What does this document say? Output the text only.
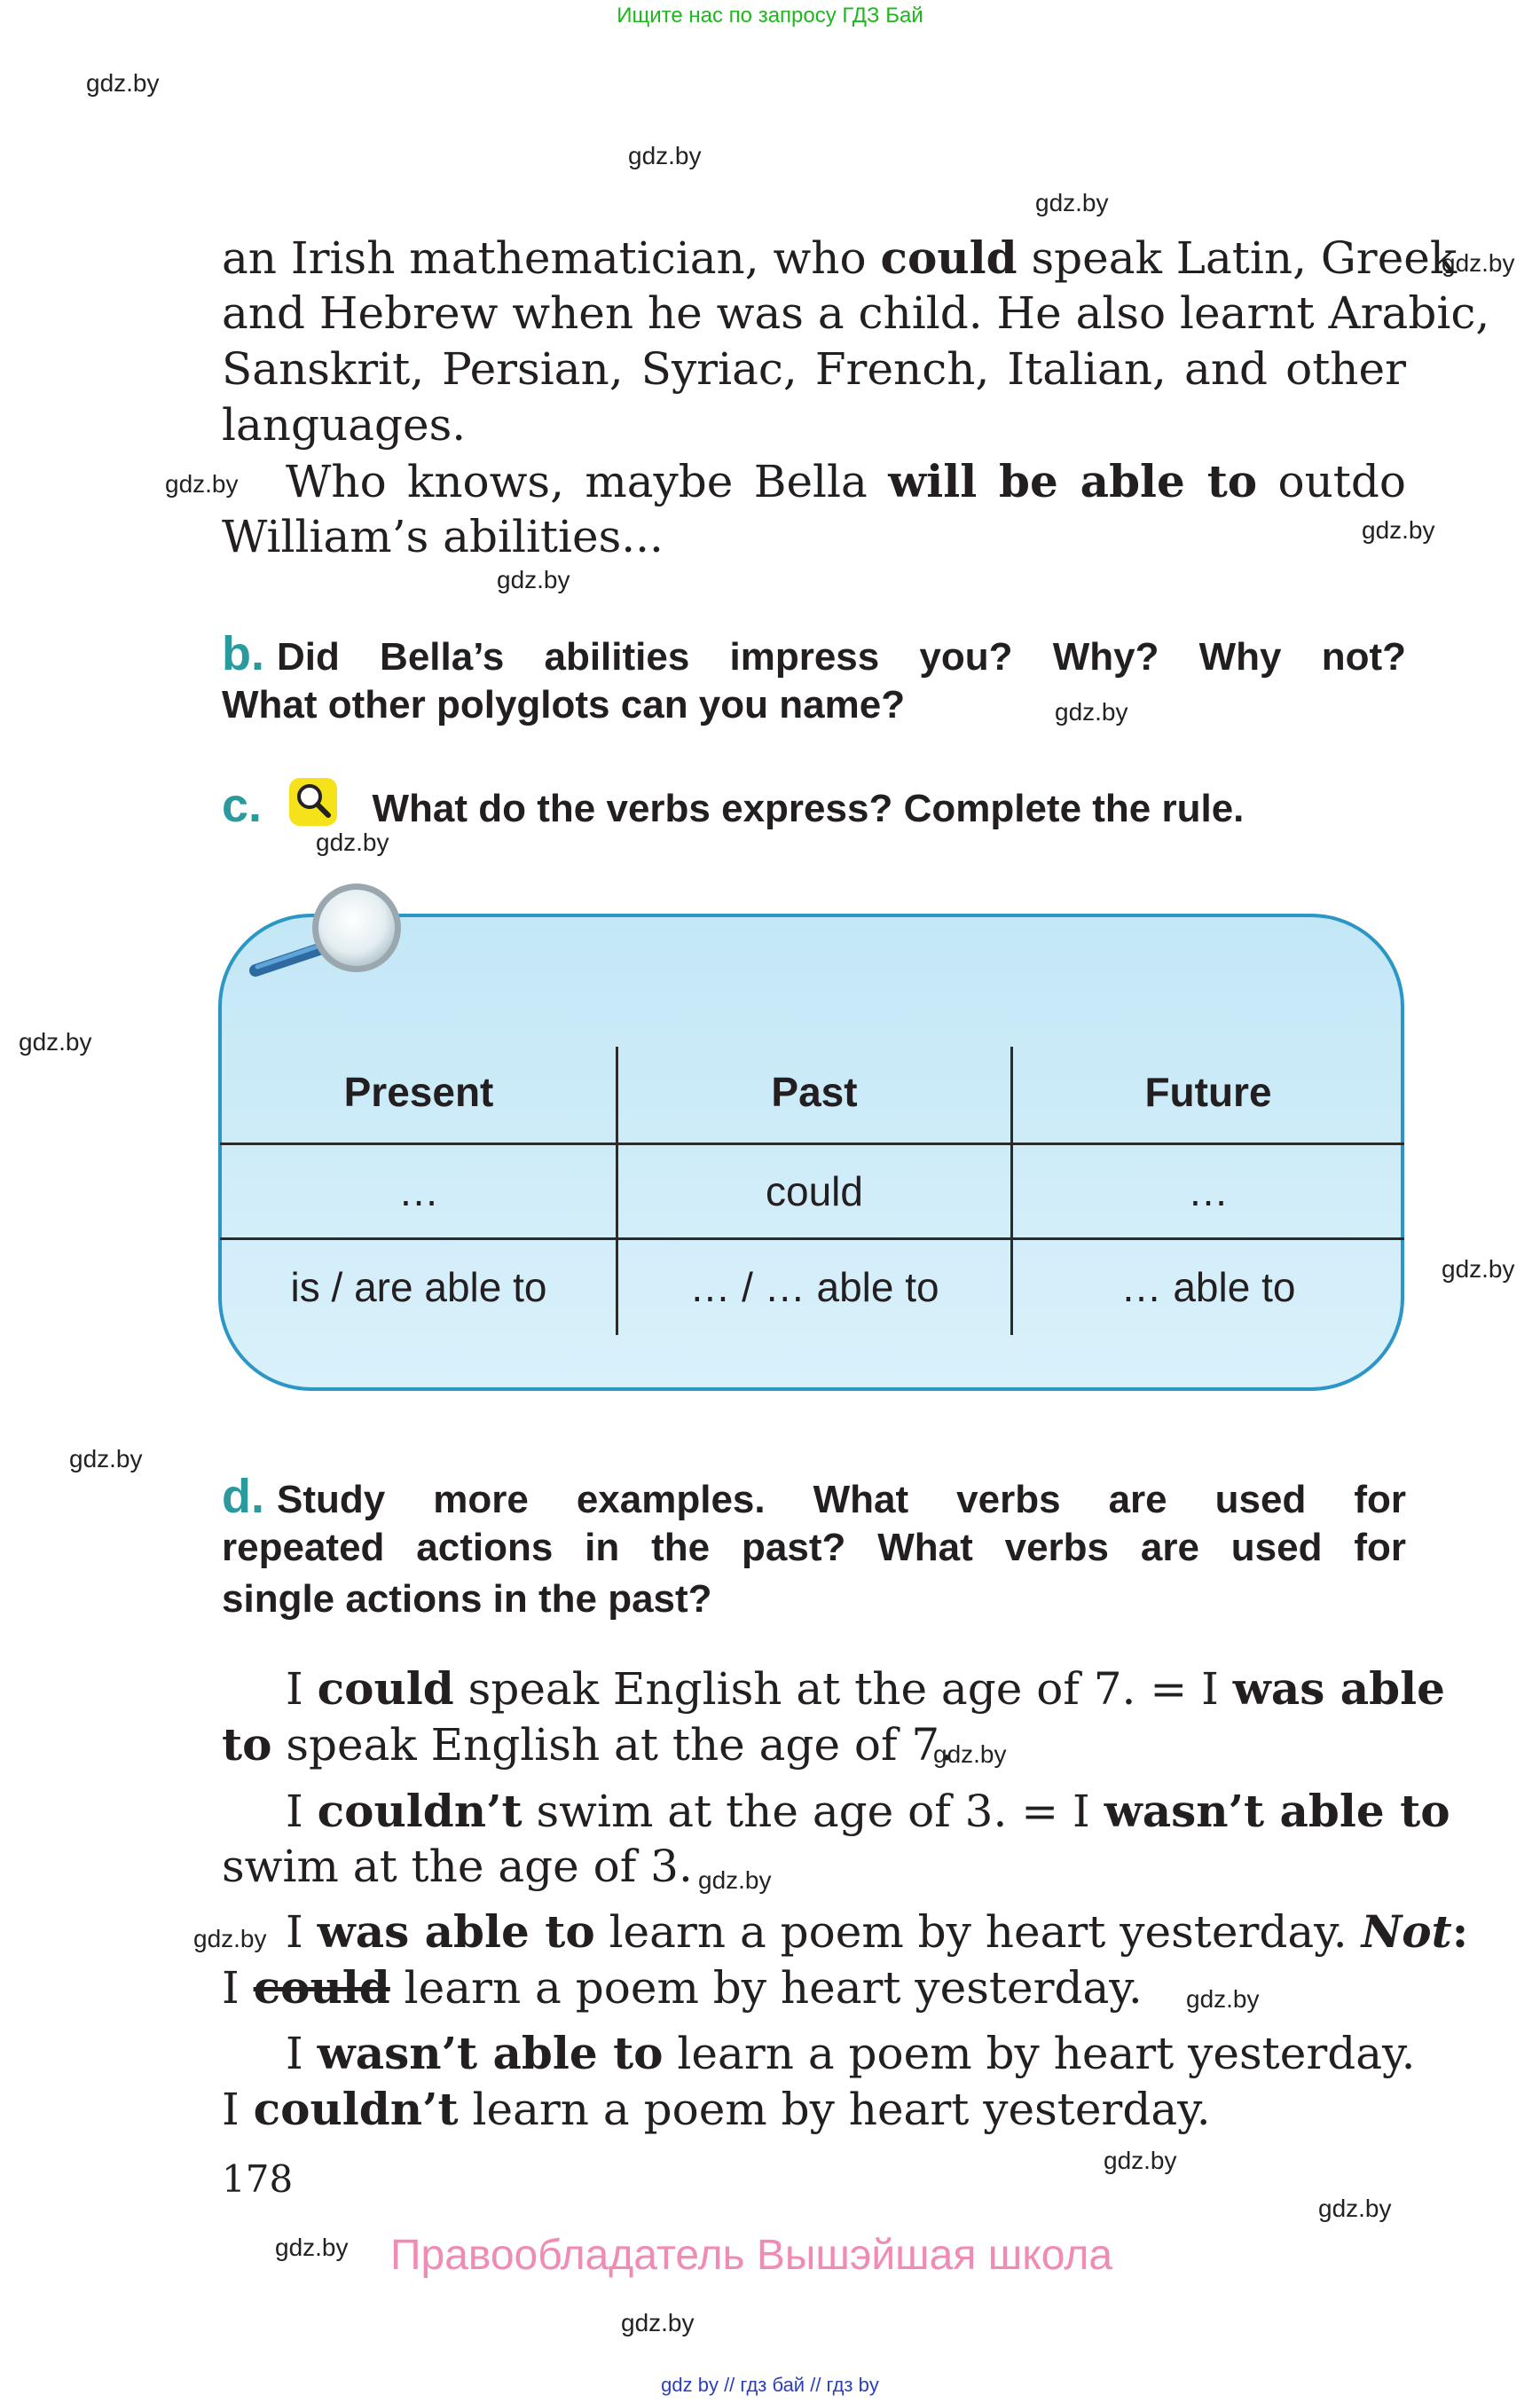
Ищите нас по запросу ГДЗ Бай
gdz.by
gdz.by
gdz.by
gdz.by
gdz.by
gdz.by
gdz.by
gdz.by
gdz.by
gdz.by
gdz.by
gdz.by
gdz.by
gdz.by
gdz.by
gdz.by
gdz.by
gdz.by
gdz.by
gdz.by
an Irish mathematician, who could speak Latin, Greek
and Hebrew when he was a child. He also learnt Arabic,
Sanskrit, Persian, Syriac, French, Italian, and other
languages.
Who knows, maybe Bella will be able to outdo
William’s abilities...
b. Did Bella’s abilities impress you? Why? Why not?
What other polyglots can you name?
c.	What do the verbs express? Complete the rule.
Present	Past	Future
…	could	…
is / are able to	… / … able to	… able to
d. Study more examples. What verbs are used for
repeated actions in the past? What verbs are used for
single actions in the past?
I could speak English at the age of 7. = I was able
to speak English at the age of 7.
I couldn’t swim at the age of 3. = I wasn’t able to
swim at the age of 3.
I was able to learn a poem by heart yesterday. Not:
I could learn a poem by heart yesterday.
I wasn’t able to learn a poem by heart yesterday.
I couldn’t learn a poem by heart yesterday.
178
Правообладатель Вышэйшая школа
gdz by // гдз бай // гдз by
